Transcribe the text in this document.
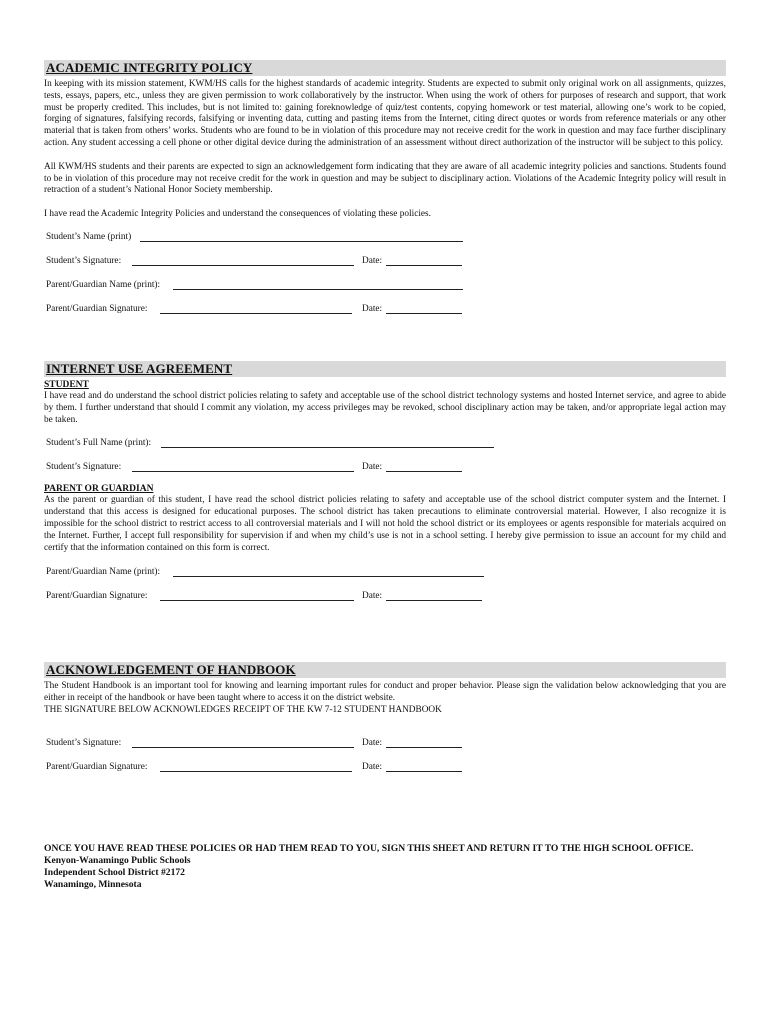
ACADEMIC INTEGRITY POLICY

In keeping with its mission statement, KWM/HS calls for the highest standards of academic integrity. Students are expected to submit only original work on all assignments, quizzes, tests, essays, papers, etc., unless they are given permission to work collaboratively by the instructor. When using the work of others for purposes of research and support, that work must be properly credited. This includes, but is not limited to: gaining foreknowledge of quiz/test contents, copying homework or test material, allowing one’s work to be copied, forging of signatures, falsifying records, falsifying or inventing data, cutting and pasting items from the Internet, citing direct quotes or words from reference materials or any other material that is taken from others’ works. Students who are found to be in violation of this procedure may not receive credit for the work in question and may face further disciplinary action. Any student accessing a cell phone or other digital device during the administration of an assessment without direct authorization of the instructor will be subject to this policy.

All KWM/HS students and their parents are expected to sign an acknowledgement form indicating that they are aware of all academic integrity policies and sanctions. Students found to be in violation of this procedure may not receive credit for the work in question and may be subject to disciplinary action. Violations of the Academic Integrity policy will result in retraction of a student’s National Honor Society membership.

I have read the Academic Integrity Policies and understand the consequences of violating these policies.

Student’s Name (print)
Student’s Signature:	Date:
Parent/Guardian Name (print):
Parent/Guardian Signature:	Date:
INTERNET USE AGREEMENT
STUDENT

I have read and do understand the school district policies relating to safety and acceptable use of the school district technology systems and hosted Internet service, and agree to abide by them. I further understand that should I commit any violation, my access privileges may be revoked, school disciplinary action may be taken, and/or appropriate legal action may be taken.

Student’s Full Name (print):
Student’s Signature:	Date:
PARENT OR GUARDIAN

As the parent or guardian of this student, I have read the school district policies relating to safety and acceptable use of the school district computer system and the Internet. I understand that this access is designed for educational purposes. The school district has taken precautions to eliminate controversial material. However, I also recognize it is impossible for the school district to restrict access to all controversial materials and I will not hold the school district or its employees or agents responsible for materials acquired on the Internet. Further, I accept full responsibility for supervision if and when my child’s use is not in a school setting. I hereby give permission to issue an account for my child and certify that the information contained on this form is correct.

Parent/Guardian Name (print):
Parent/Guardian Signature:	Date:
ACKNOWLEDGEMENT OF HANDBOOK

The Student Handbook is an important tool for knowing and learning important rules for conduct and proper behavior. Please sign the validation below acknowledging that you are either in receipt of the handbook or have been taught where to access it on the district website.

THE SIGNATURE BELOW ACKNOWLEDGES RECEIPT OF THE KW 7-12 STUDENT HANDBOOK

Student’s Signature:	Date:
Parent/Guardian Signature:	Date:
ONCE YOU HAVE READ THESE POLICIES OR HAD THEM READ TO YOU, SIGN THIS SHEET AND RETURN IT TO THE HIGH SCHOOL OFFICE.
Kenyon-Wanamingo Public Schools
Independent School District #2172
Wanamingo, Minnesota
